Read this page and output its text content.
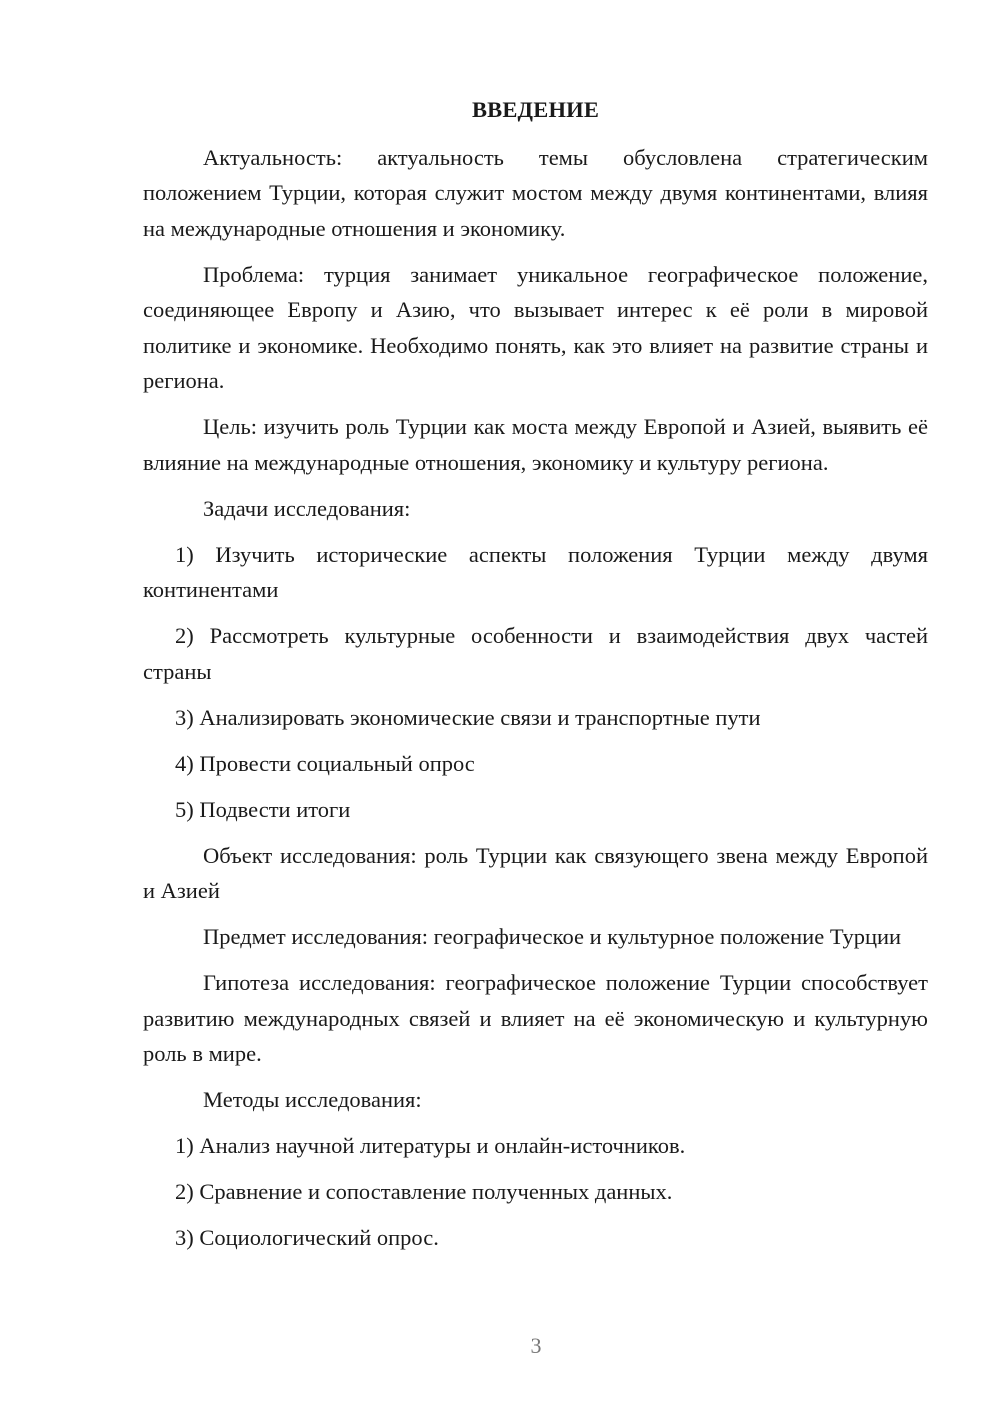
ВВЕДЕНИЕ

Актуальность: актуальность темы обусловлена стратегическим положением Турции, которая служит мостом между двумя континентами, влияя на международные отношения и экономику.

Проблема: турция занимает уникальное географическое положение, соединяющее Европу и Азию, что вызывает интерес к её роли в мировой политике и экономике. Необходимо понять, как это влияет на развитие страны и региона.

Цель: изучить роль Турции как моста между Европой и Азией, выявить её влияние на международные отношения, экономику и культуру региона.

Задачи исследования:

1) Изучить исторические аспекты положения Турции между двумя континентами

2) Рассмотреть культурные особенности и взаимодействия двух частей страны

3) Анализировать экономические связи и транспортные пути

4) Провести социальный опрос

5) Подвести итоги

Объект исследования: роль Турции как связующего звена между Европой и Азией

Предмет исследования: географическое и культурное положение Турции

Гипотеза исследования: географическое положение Турции способствует развитию международных связей и влияет на её экономическую и культурную роль в мире.

Методы исследования:

1) Анализ научной литературы и онлайн-источников.

2) Сравнение и сопоставление полученных данных.

3) Социологический опрос.

3
